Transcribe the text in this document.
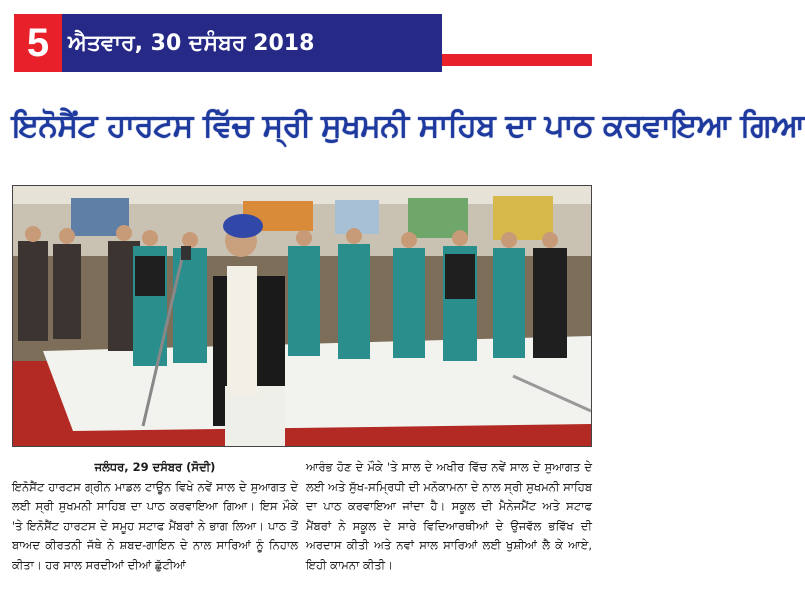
5 ਐਤਵਾਰ, 30 ਦਸੰਬਰ 2018
ਇਨੋਸੈਂਟ ਹਾਰਟਸ ਵਿੱਚ ਸ੍ਰੀ ਸੁਖਮਨੀ ਸਾਹਿਬ ਦਾ ਪਾਠ ਕਰਵਾਇਆ ਗਿਆ
ਜਲੰਧਰ, 29 ਦਸੰਬਰ (ਸੋਦੀ)
ਇਨੋਸੈਂਟ ਹਾਰਟਸ ਗ੍ਰੀਨ ਮਾਡਲ ਟਾਊਨ ਵਿਖੇ ਨਵੇਂ ਸਾਲ ਦੇ ਸੁਆਗਤ ਦੇ ਲਈ ਸ੍ਰੀ ਸੁਖਮਨੀ ਸਾਹਿਬ ਦਾ ਪਾਠ ਕਰਵਾਇਆ ਗਿਆ। ਇਸ ਮੌਕੇ 'ਤੇ ਇਨੋਸੈਂਟ ਹਾਰਟਸ ਦੇ ਸਮੂਹ ਸਟਾਫ ਮੈਂਬਰਾਂ ਨੇ ਭਾਗ ਲਿਆ। ਪਾਠ ਤੋਂ ਬਾਅਦ ਕੀਰਤਨੀ ਜੱਥੇ ਨੇ ਸ਼ਬਦ-ਗਾਇਨ ਦੇ ਨਾਲ ਸਾਰਿਆਂ ਨੂੰ ਨਿਹਾਲ ਕੀਤਾ। ਹਰ ਸਾਲ ਸਰਦੀਆਂ ਦੀਆਂ ਛੁੱਟੀਆਂ
ਆਰੰਭ ਹੋਣ ਦੇ ਮੌਕੇ 'ਤੇ ਸਾਲ ਦੇ ਅਖੀਰ ਵਿੱਚ ਨਵੇਂ ਸਾਲ ਦੇ ਸੁਆਗਤ ਦੇ ਲਈ ਅਤੇ ਸੁੱਖ-ਸਮ੍ਰਿਧੀ ਦੀ ਮਨੋਕਾਮਨਾ ਦੇ ਨਾਲ ਸ੍ਰੀ ਸੁਖਮਨੀ ਸਾਹਿਬ ਦਾ ਪਾਠ ਕਰਵਾਇਆ ਜਾਂਦਾ ਹੈ। ਸਕੂਲ ਦੀ ਮੈਨੇਜਮੈਂਟ ਅਤੇ ਸਟਾਫ ਮੈਂਬਰਾਂ ਨੇ ਸਕੂਲ ਦੇ ਸਾਰੇ ਵਿਦਿਆਰਥੀਆਂ ਦੇ ਉਜਵੱਲ ਭਵਿੱਖ ਦੀ ਅਰਦਾਸ ਕੀਤੀ ਅਤੇ ਨਵਾਂ ਸਾਲ ਸਾਰਿਆਂ ਲਈ ਖੁਸ਼ੀਆਂ ਲੈ ਕੇ ਆਏ, ਇਹੀ ਕਾਮਨਾ ਕੀਤੀ।
